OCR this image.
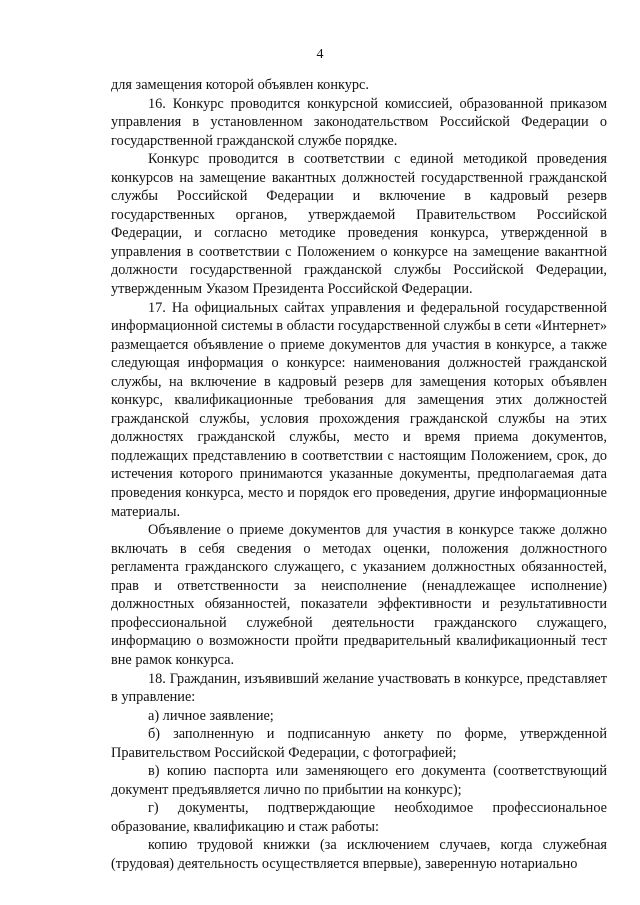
4

для замещения которой объявлен конкурс.

16. Конкурс проводится конкурсной комиссией, образованной приказом управления в установленном законодательством Российской Федерации о государственной гражданской службе порядке.

Конкурс проводится в соответствии с единой методикой проведения конкурсов на замещение вакантных должностей государственной гражданской службы Российской Федерации и включение в кадровый резерв государственных органов, утверждаемой Правительством Российской Федерации, и согласно методике проведения конкурса, утвержденной в управления в соответствии с Положением о конкурсе на замещение вакантной должности государственной гражданской службы Российской Федерации, утвержденным Указом Президента Российской Федерации.

17. На официальных сайтах управления и федеральной государственной информационной системы в области государственной службы в сети «Интернет» размещается объявление о приеме документов для участия в конкурсе, а также следующая информация о конкурсе: наименования должностей гражданской службы, на включение в кадровый резерв для замещения которых объявлен конкурс, квалификационные требования для замещения этих должностей гражданской службы, условия прохождения гражданской службы на этих должностях гражданской службы, место и время приема документов, подлежащих представлению в соответствии с настоящим Положением, срок, до истечения которого принимаются указанные документы, предполагаемая дата проведения конкурса, место и порядок его проведения, другие информационные материалы.

Объявление о приеме документов для участия в конкурсе также должно включать в себя сведения о методах оценки, положения должностного регламента гражданского служащего, с указанием должностных обязанностей, прав и ответственности за неисполнение (ненадлежащее исполнение) должностных обязанностей, показатели эффективности и результативности профессиональной служебной деятельности гражданского служащего, информацию о возможности пройти предварительный квалификационный тест вне рамок конкурса.

18. Гражданин, изъявивший желание участвовать в конкурсе, представляет в управление:

а) личное заявление;

б) заполненную и подписанную анкету по форме, утвержденной Правительством Российской Федерации, с фотографией;

в) копию паспорта или заменяющего его документа (соответствующий документ предъявляется лично по прибытии на конкурс);

г) документы, подтверждающие необходимое профессиональное образование, квалификацию и стаж работы:

копию трудовой книжки (за исключением случаев, когда служебная (трудовая) деятельность осуществляется впервые), заверенную нотариально
